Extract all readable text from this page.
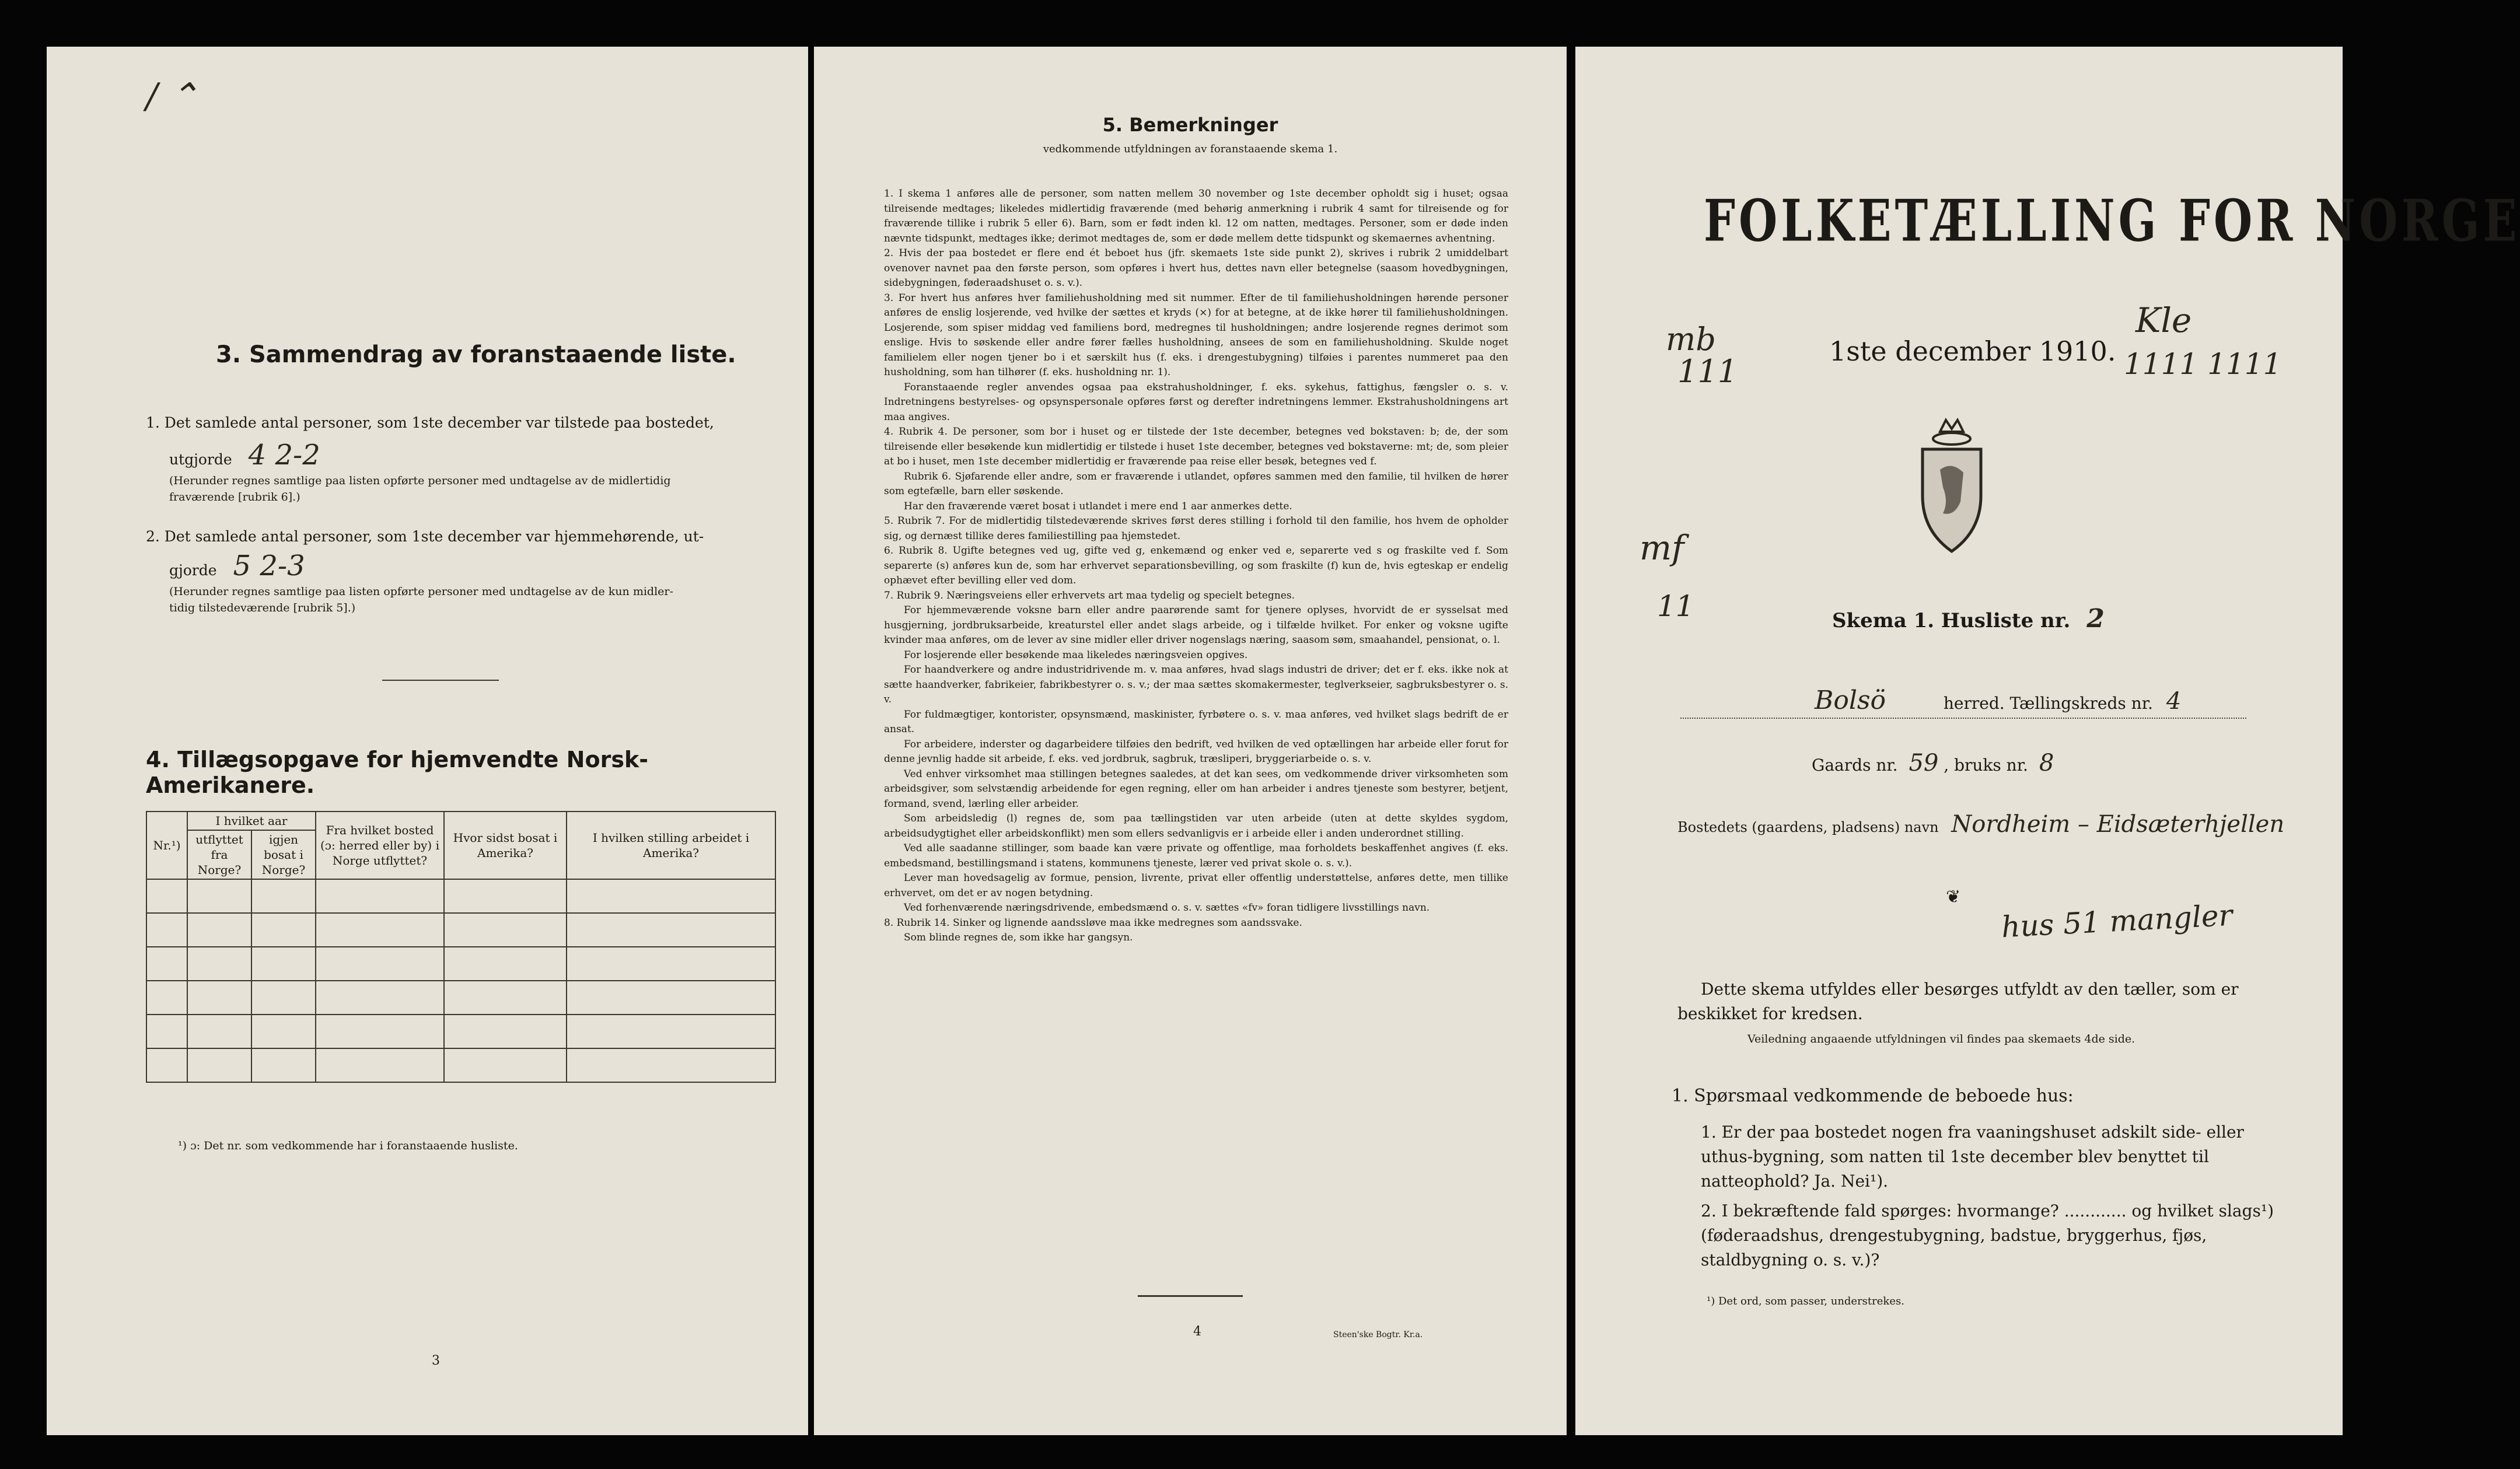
/ ⌃
3. Sammendrag av foranstaaende liste.
1. Det samlede antal personer, som 1ste december var tilstede paa bostedet,
utgjorde 4 2-2
(Herunder regnes samtlige paa listen opførte personer med undtagelse av de midlertidig
fraværende [rubrik 6].)
2. Det samlede antal personer, som 1ste december var hjemmehørende, ut-
gjorde 5 2-3
(Herunder regnes samtlige paa listen opførte personer med undtagelse av de kun midler-
tidig tilstedeværende [rubrik 5].)
4. Tillægsopgave for hjemvendte Norsk-Amerikanere.
Nr.¹)	I hvilket aar		Fra hvilket bosted (ɔ: herred eller by) i Norge utflyttet?	Hvor sidst bosat i Amerika?	I hvilken stilling arbeidet i Amerika?
	utflyttet fra Norge?	igjen bosat i Norge?			

¹) ɔ: Det nr. som vedkommende har i foranstaaende husliste.
3
5. Bemerkninger
vedkommende utfyldningen av foranstaaende skema 1.

1. I skema 1 anføres alle de personer, som natten mellem 30 november og 1ste december opholdt sig i huset; ogsaa tilreisende medtages; likeledes midlertidig fraværende (med behørig anmerkning i rubrik 4 samt for tilreisende og for fraværende tillike i rubrik 5 eller 6). Barn, som er født inden kl. 12 om natten, medtages. Personer, som er døde inden nævnte tidspunkt, medtages ikke; derimot medtages de, som er døde mellem dette tidspunkt og skemaernes avhentning.

2. Hvis der paa bostedet er flere end ét beboet hus (jfr. skemaets 1ste side punkt 2), skrives i rubrik 2 umiddelbart ovenover navnet paa den første person, som opføres i hvert hus, dettes navn eller betegnelse (saasom hovedbygningen, sidebygningen, føderaadshuset o. s. v.).

3. For hvert hus anføres hver familiehusholdning med sit nummer. Efter de til familiehusholdningen hørende personer anføres de enslig losjerende, ved hvilke der sættes et kryds (×) for at betegne, at de ikke hører til familiehusholdningen. Losjerende, som spiser middag ved familiens bord, medregnes til husholdningen; andre losjerende regnes derimot som enslige. Hvis to søskende eller andre fører fælles husholdning, ansees de som en familiehusholdning. Skulde noget familielem eller nogen tjener bo i et særskilt hus (f. eks. i drengestubygning) tilføies i parentes nummeret paa den husholdning, som han tilhører (f. eks. husholdning nr. 1).

Foranstaaende regler anvendes ogsaa paa ekstrahusholdninger, f. eks. sykehus, fattighus, fængsler o. s. v. Indretningens bestyrelses- og opsynspersonale opføres først og derefter indretningens lemmer. Ekstrahusholdningens art maa angives.

4. Rubrik 4. De personer, som bor i huset og er tilstede der 1ste december, betegnes ved bokstaven: b; de, der som tilreisende eller besøkende kun midlertidig er tilstede i huset 1ste december, betegnes ved bokstaverne: mt; de, som pleier at bo i huset, men 1ste december midlertidig er fraværende paa reise eller besøk, betegnes ved f.

Rubrik 6. Sjøfarende eller andre, som er fraværende i utlandet, opføres sammen med den familie, til hvilken de hører som egtefælle, barn eller søskende.

Har den fraværende været bosat i utlandet i mere end 1 aar anmerkes dette.

5. Rubrik 7. For de midlertidig tilstedeværende skrives først deres stilling i forhold til den familie, hos hvem de opholder sig, og dernæst tillike deres familiestilling paa hjemstedet.

6. Rubrik 8. Ugifte betegnes ved ug, gifte ved g, enkemænd og enker ved e, separerte ved s og fraskilte ved f. Som separerte (s) anføres kun de, som har erhvervet separationsbevilling, og som fraskilte (f) kun de, hvis egteskap er endelig ophævet efter bevilling eller ved dom.

7. Rubrik 9. Næringsveiens eller erhvervets art maa tydelig og specielt betegnes.

For hjemmeværende voksne barn eller andre paarørende samt for tjenere oplyses, hvorvidt de er sysselsat med husgjerning, jordbruksarbeide, kreaturstel eller andet slags arbeide, og i tilfælde hvilket. For enker og voksne ugifte kvinder maa anføres, om de lever av sine midler eller driver nogenslags næring, saasom søm, smaahandel, pensionat, o. l.

For losjerende eller besøkende maa likeledes næringsveien opgives.

For haandverkere og andre industridrivende m. v. maa anføres, hvad slags industri de driver; det er f. eks. ikke nok at sætte haandverker, fabrikeier, fabrikbestyrer o. s. v.; der maa sættes skomakermester, teglverkseier, sagbruksbestyrer o. s. v.

For fuldmægtiger, kontorister, opsynsmænd, maskinister, fyrbøtere o. s. v. maa anføres, ved hvilket slags bedrift de er ansat.

For arbeidere, inderster og dagarbeidere tilføies den bedrift, ved hvilken de ved optællingen har arbeide eller forut for denne jevnlig hadde sit arbeide, f. eks. ved jordbruk, sagbruk, træsliperi, bryggeriarbeide o. s. v.

Ved enhver virksomhet maa stillingen betegnes saaledes, at det kan sees, om vedkommende driver virksomheten som arbeidsgiver, som selvstændig arbeidende for egen regning, eller om han arbeider i andres tjeneste som bestyrer, betjent, formand, svend, lærling eller arbeider.

Som arbeidsledig (l) regnes de, som paa tællingstiden var uten arbeide (uten at dette skyldes sygdom, arbeidsudygtighet eller arbeidskonflikt) men som ellers sedvanligvis er i arbeide eller i anden underordnet stilling.

Ved alle saadanne stillinger, som baade kan være private og offentlige, maa forholdets beskaffenhet angives (f. eks. embedsmand, bestillingsmand i statens, kommunens tjeneste, lærer ved privat skole o. s. v.).

Lever man hovedsagelig av formue, pension, livrente, privat eller offentlig understøttelse, anføres dette, men tillike erhvervet, om det er av nogen betydning.

Ved forhenværende næringsdrivende, embedsmænd o. s. v. sættes «fv» foran tidligere livsstillings navn.

8. Rubrik 14. Sinker og lignende aandssløve maa ikke medregnes som aandssvake.

Som blinde regnes de, som ikke har gangsyn.

4	Steen'ske Bogtr. Kr.a.
FOLKETÆLLING FOR NORGE
1ste december 1910.
mb
111
Kle
1111 1111
mf
11	Skema 1. Husliste nr. 2
Bolsö	herred. Tællingskreds nr. 4
Gaards nr. 59 , bruks nr. 8
Bostedets (gaardens, pladsens) navn Nordheim – Eidsæterhjellen
❦
hus 51 mangler
Dette skema utfyldes eller besørges utfyldt av den tæller, som er beskikket for kredsen.
Veiledning angaaende utfyldningen vil findes paa skemaets 4de side.
1. Spørsmaal vedkommende de beboede hus:
1. Er der paa bostedet nogen fra vaaningshuset adskilt side- eller uthus-bygning, som natten til 1ste december blev benyttet til natteophold? Ja. Nei¹).
2. I bekræftende fald spørges: hvormange? ............ og hvilket slags¹) (føderaadshus, drengestubygning, badstue, bryggerhus, fjøs, staldbygning o. s. v.)?
¹) Det ord, som passer, understrekes.
